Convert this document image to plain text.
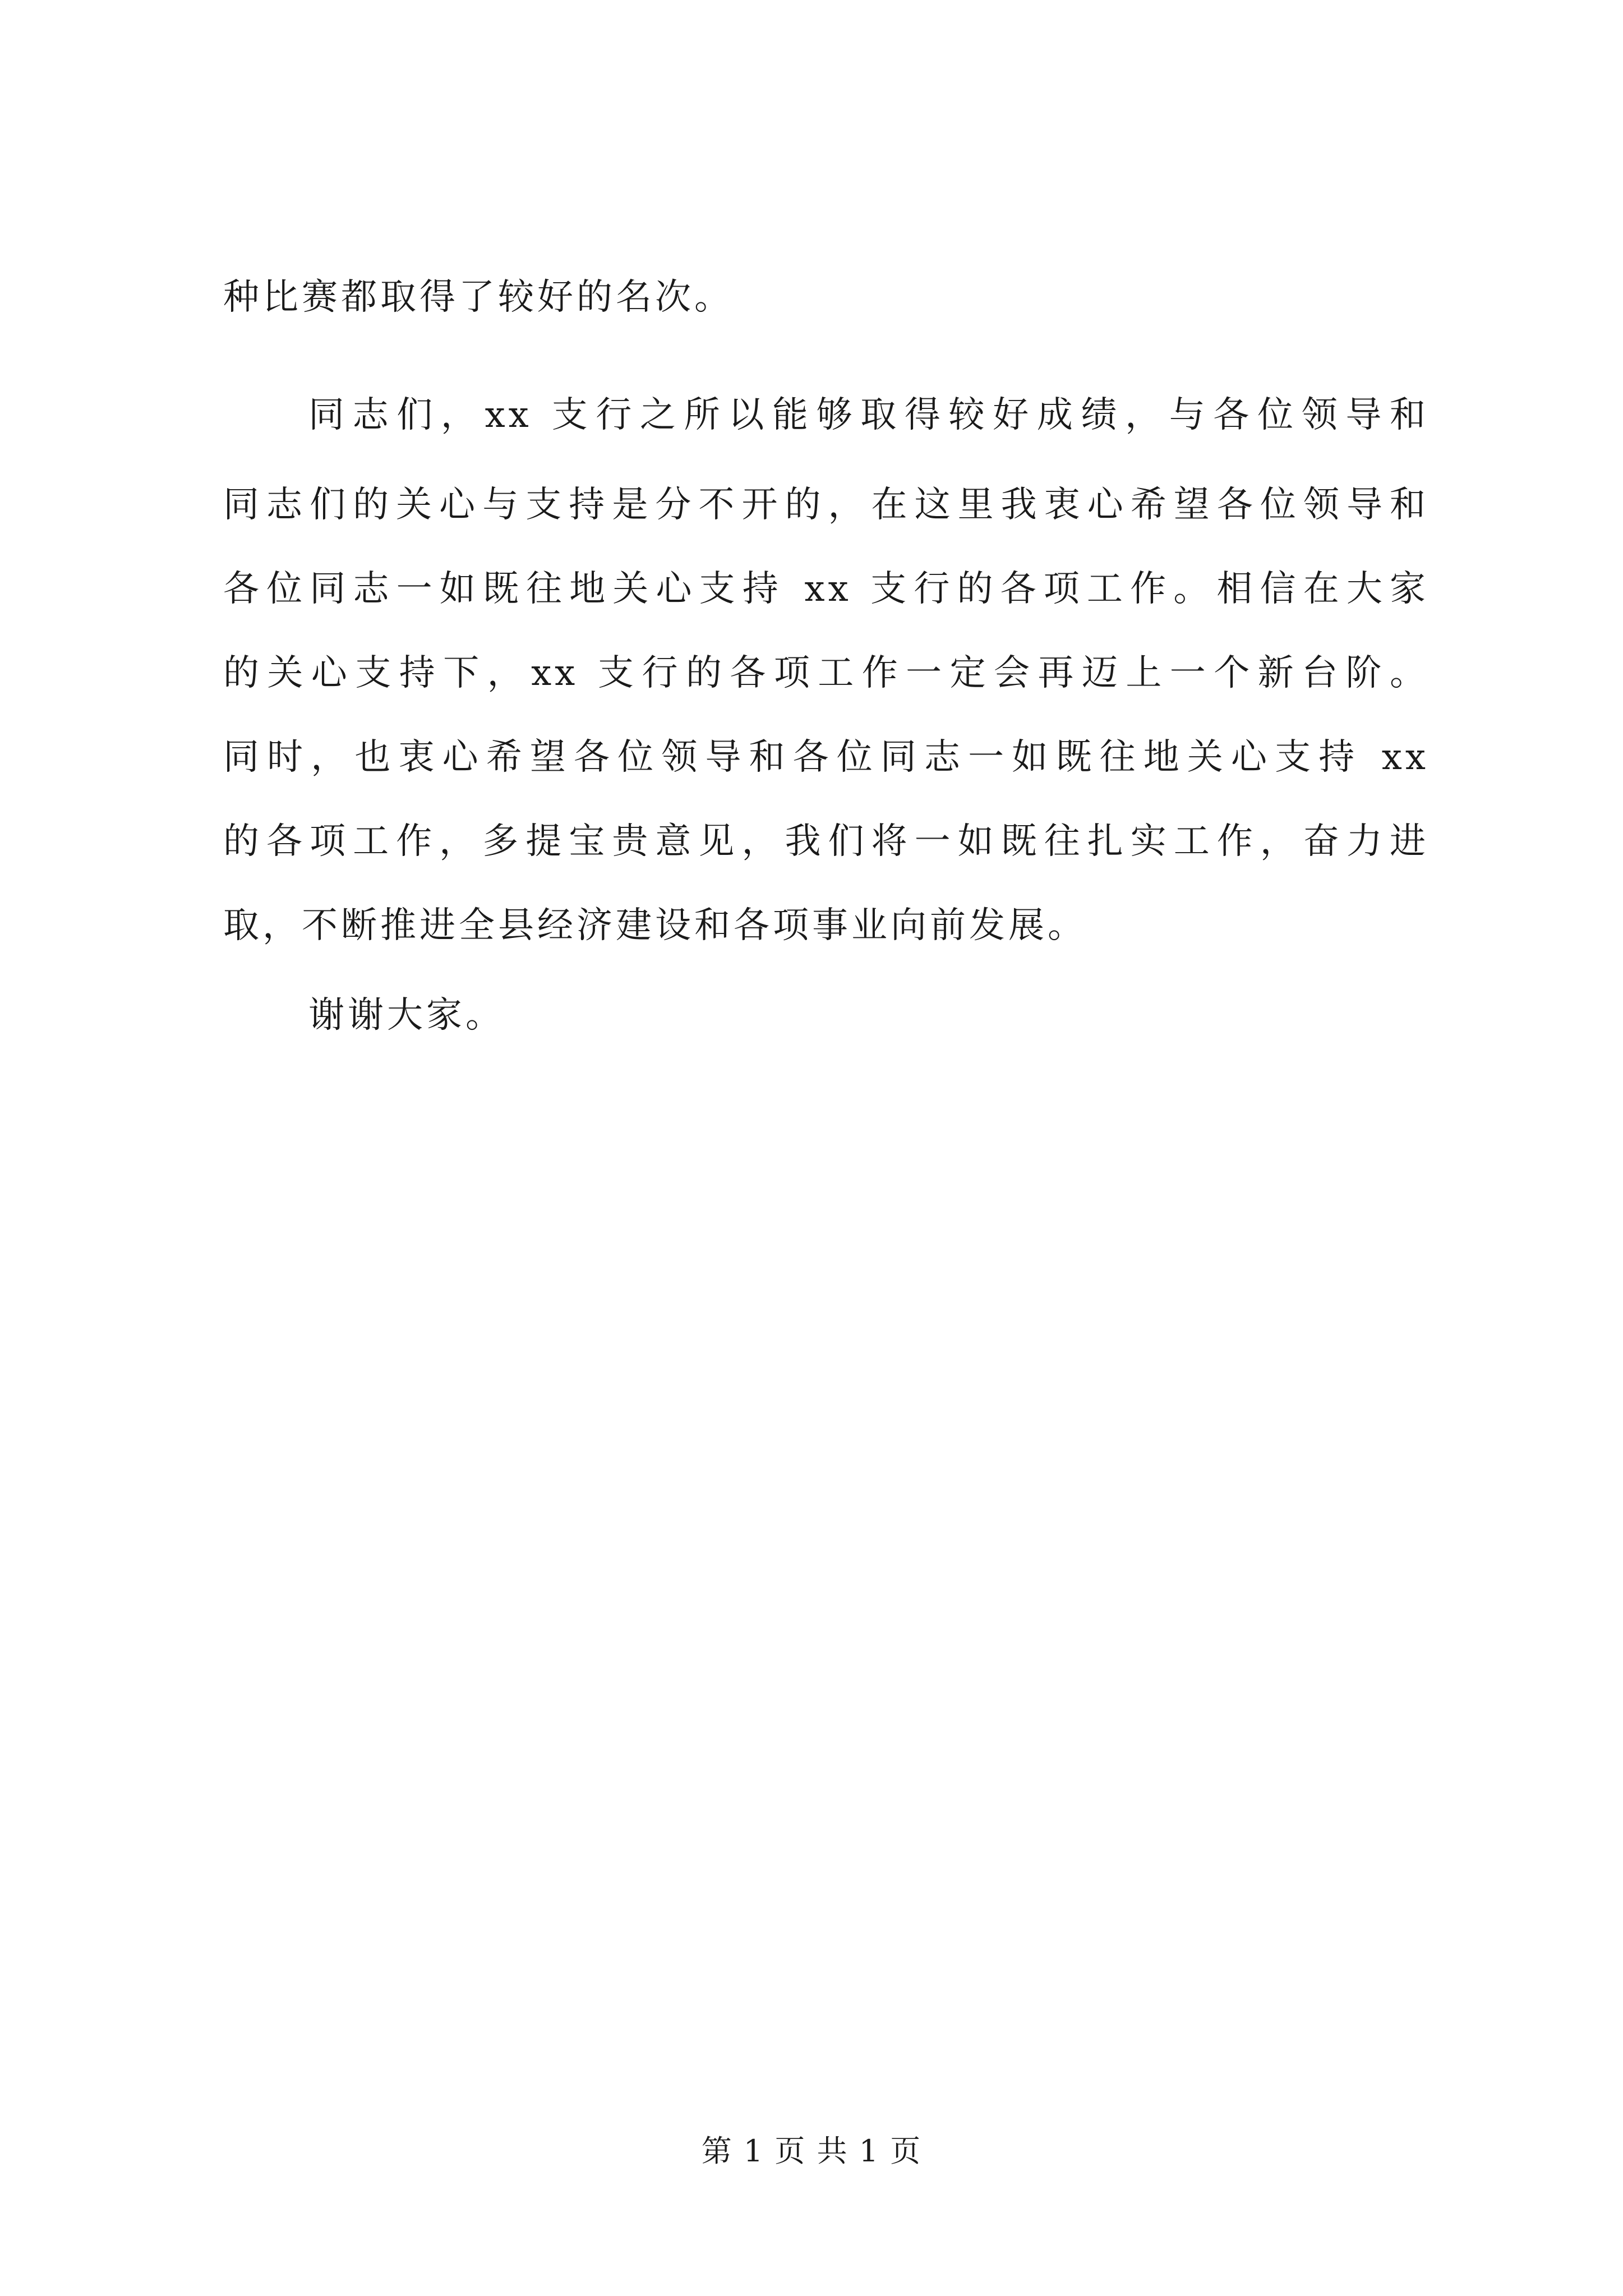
种比赛都取得了较好的名次。
同志们，xx 支行之所以能够取得较好成绩，与各位领导和
同志们的关心与支持是分不开的，在这里我衷心希望各位领导和
各位同志一如既往地关心支持 xx 支行的各项工作。相信在大家
的关心支持下，xx 支行的各项工作一定会再迈上一个新台阶。
同时，也衷心希望各位领导和各位同志一如既往地关心支持 xx
的各项工作，多提宝贵意见，我们将一如既往扎实工作，奋力进
取，不断推进全县经济建设和各项事业向前发展。
谢谢大家。
第 1 页 共 1 页
